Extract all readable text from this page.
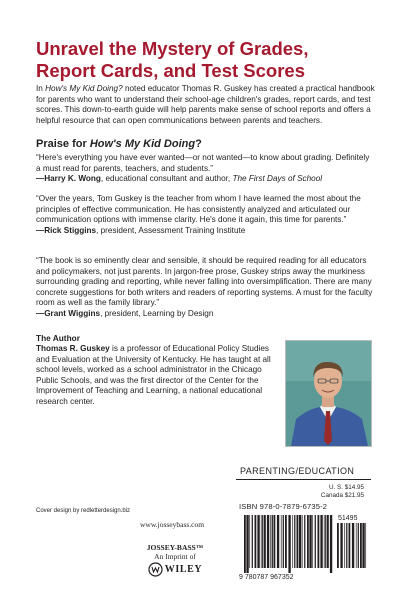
Unravel the Mystery of Grades,
Report Cards, and Test Scores

In How's My Kid Doing? noted educator Thomas R. Guskey has created a practical handbook for parents who want to understand their school-age children's grades, report cards, and test scores. This down-to-earth guide will help parents make sense of school reports and offers a helpful resource that can open communications between parents and teachers.

Praise for How's My Kid Doing?

“Here's everything you have ever wanted—or not wanted—to know about grading. Definitely a must read for parents, teachers, and students.”

—Harry K. Wong, educational consultant and author, The First Days of School

“Over the years, Tom Guskey is the teacher from whom I have learned the most about the principles of effective communication. He has consistently analyzed and articulated our communication options with immense clarity. He's done it again, this time for parents.”

—Rick Stiggins, president, Assessment Training Institute

“The book is so eminently clear and sensible, it should be required reading for all educators and policymakers, not just parents. In jargon-free prose, Guskey strips away the murkiness surrounding grading and reporting, while never falling into oversimplification. There are many concrete suggestions for both writers and readers of reporting systems. A must for the faculty room as well as the family library.”

—Grant Wiggins, president, Learning by Design

The Author

Thomas R. Guskey is a professor of Educational Policy Studies and Evaluation at the University of Kentucky. He has taught at all school levels, worked as a school administrator in the Chicago Public Schools, and was the first director of the Center for the Improvement of Teaching and Learning, a national educational research center.

PARENTING/EDUCATION

U. S. $14.95
Canada $21.95

ISBN 978-0-7879-6735-2

Cover design by redletterdesign.biz

www.josseybass.com

JOSSEY-BASS™
An Imprint of
WILEY
9 780787 967352
51495
